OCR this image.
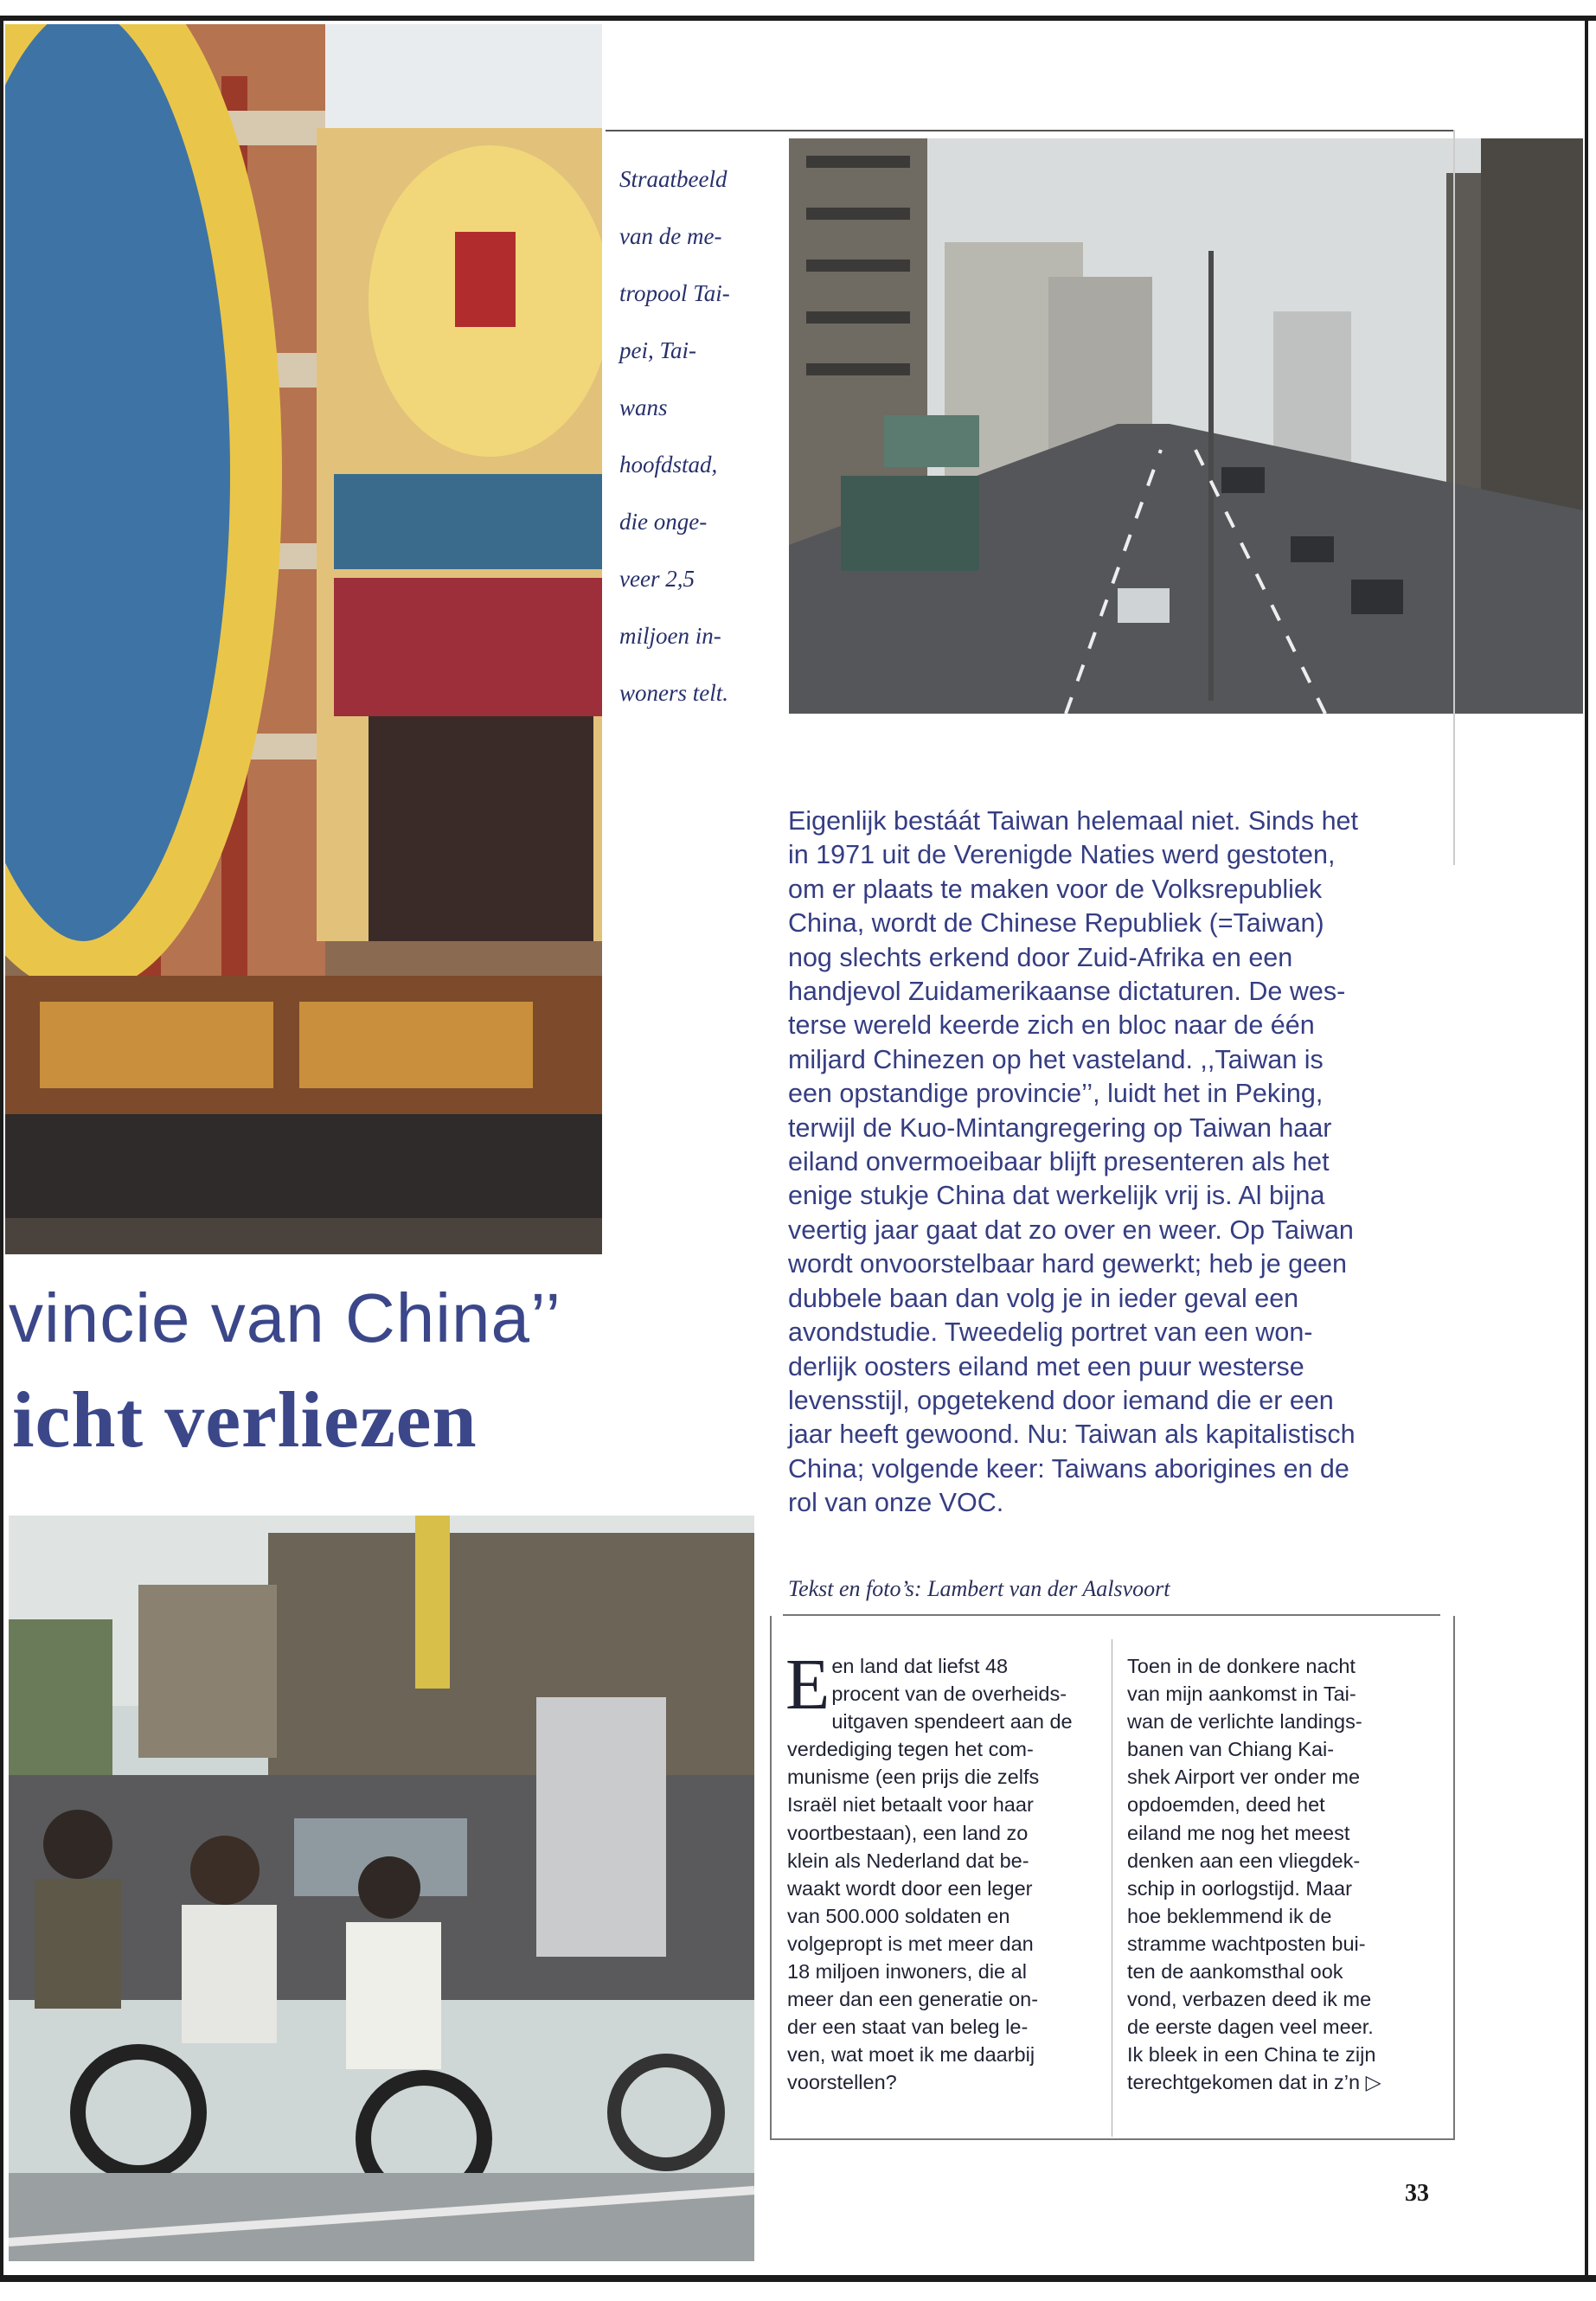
Straatbeeld

van de me-

tropool Tai-

pei, Tai-

wans

hoofdstad,

die onge-

veer 2,5

miljoen in-

woners telt.

vincie van China’’
icht verliezen
Eigenlijk bestáát Taiwan helemaal niet. Sinds het
in 1971 uit de Verenigde Naties werd gestoten,
om er plaats te maken voor de Volksrepubliek
China, wordt de Chinese Republiek (=Taiwan)
nog slechts erkend door Zuid-Afrika en een
handjevol Zuidamerikaanse dictaturen. De wes-
terse wereld keerde zich en bloc naar de één
miljard Chinezen op het vasteland. ,,Taiwan is
een opstandige provincie’’, luidt het in Peking,
terwijl de Kuo-Mintangregering op Taiwan haar
eiland onvermoeibaar blijft presenteren als het
enige stukje China dat werkelijk vrij is. Al bijna
veertig jaar gaat dat zo over en weer. Op Taiwan
wordt onvoorstelbaar hard gewerkt; heb je geen
dubbele baan dan volg je in ieder geval een
avondstudie. Tweedelig portret van een won-
derlijk oosters eiland met een puur westerse
levensstijl, opgetekend door iemand die er een
jaar heeft gewoond. Nu: Taiwan als kapitalistisch
China; volgende keer: Taiwans aborigines en de
rol van onze VOC.
Tekst en foto’s: Lambert van der Aalsvoort
E en land dat liefst 48
procent van de overheids-
uitgaven spendeert aan de
verdediging tegen het com-
munisme (een prijs die zelfs
Israël niet betaalt voor haar
voortbestaan), een land zo
klein als Nederland dat be-
waakt wordt door een leger
van 500.000 soldaten en
volgepropt is met meer dan
18 miljoen inwoners, die al
meer dan een generatie on-
der een staat van beleg le-
ven, wat moet ik me daarbij
voorstellen?
Toen in de donkere nacht
van mijn aankomst in Tai-
wan de verlichte landings-
banen van Chiang Kai-
shek Airport ver onder me
opdoemden, deed het
eiland me nog het meest
denken aan een vliegdek-
schip in oorlogstijd. Maar
hoe beklemmend ik de
stramme wachtposten bui-
ten de aankomsthal ook
vond, verbazen deed ik me
de eerste dagen veel meer.
Ik bleek in een China te zijn
terechtgekomen dat in z’n ▷
33
